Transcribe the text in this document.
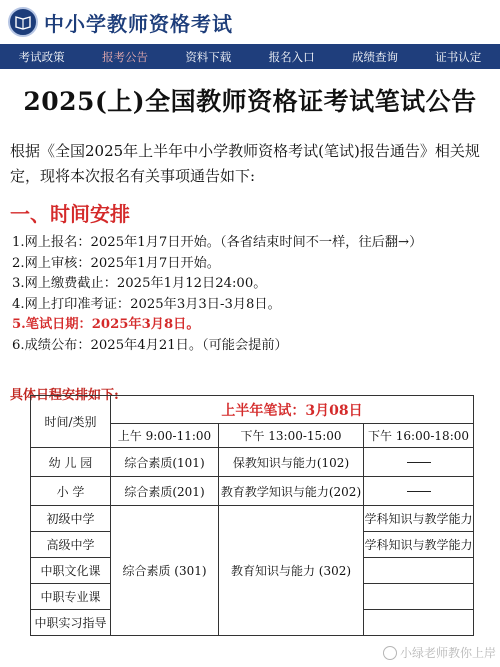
中小学教师资格考试
考试政策	报考公告	资料下载	报名入口	成绩查询	证书认定
2025(上)全国教师资格证考试笔试公告

根据《全国2025年上半年中小学教师资格考试(笔试)报告通告》相关规定，现将本次报名有关事项通告如下:

一、时间安排
1.网上报名：2025年1月7日开始。（各省结束时间不一样，往后翻→）
2.网上审核：2025年1月7日开始。
3.网上缴费截止：2025年1月12日24:00。
4.网上打印准考证：2025年3月3日-3月8日。
5.笔试日期：2025年3月8日。
6.成绩公布：2025年4月21日。（可能会提前）
具体日程安排如下:
时间/类别	上半年笔试：3月08日		
	上午 9:00-11:00	下午 13:00-15:00	下午 16:00-18:00
幼 儿 园	综合素质(101)	保教知识与能力(102)	
小 学	综合素质(201)	教育教学知识与能力(202)	
初级中学	综合素质 (301)	教育知识与能力 (302)	学科知识与教学能力
高级中学			学科知识与教学能力
中职文化课			
中职专业课			
中职实习指导			
小绿老师教你上岸
